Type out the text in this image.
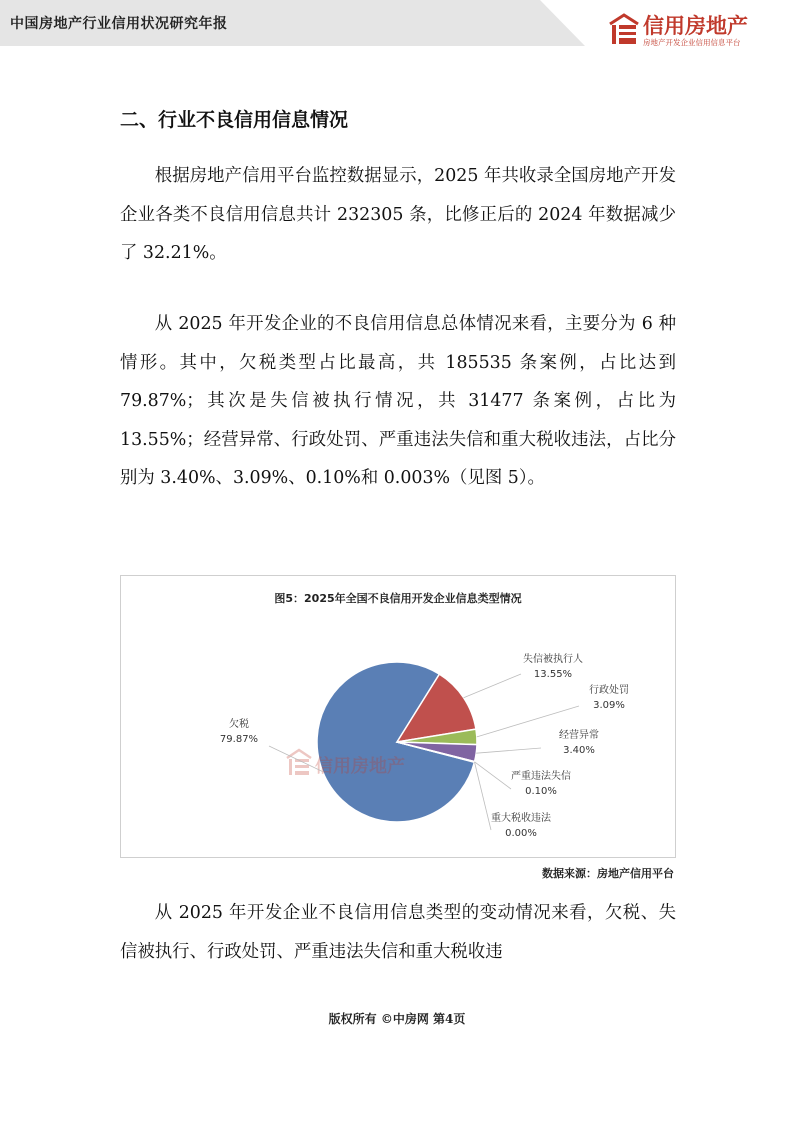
中国房地产行业信用状况研究年报	信用房地产
房地产开发企业信用信息平台
二、行业不良信用信息情况

根据房地产信用平台监控数据显示，2025 年共收录全国房地产开发企业各类不良信用信息共计 232305 条，比修正后的 2024 年数据减少了 32.21%。

从 2025 年开发企业的不良信用信息总体情况来看，主要分为 6 种情形。其中，欠税类型占比最高，共 185535 条案例，占比达到 79.87%；其次是失信被执行情况，共 31477 条案例，占比为 13.55%；经营异常、行政处罚、严重违法失信和重大税收违法，占比分别为 3.40%、3.09%、0.10%和 0.003%（见图 5）。

图5：2025年全国不良信用开发企业信息类型情况
信用房地产
欠税
79.87%
失信被执行人
13.55%
行政处罚
3.09%
经营异常
3.40%
严重违法失信
0.10%
重大税收违法
0.00%
数据来源：房地产信用平台

从 2025 年开发企业不良信用信息类型的变动情况来看，欠税、失信被执行、行政处罚、严重违法失信和重大税收违

版权所有 ©中房网 第4页
